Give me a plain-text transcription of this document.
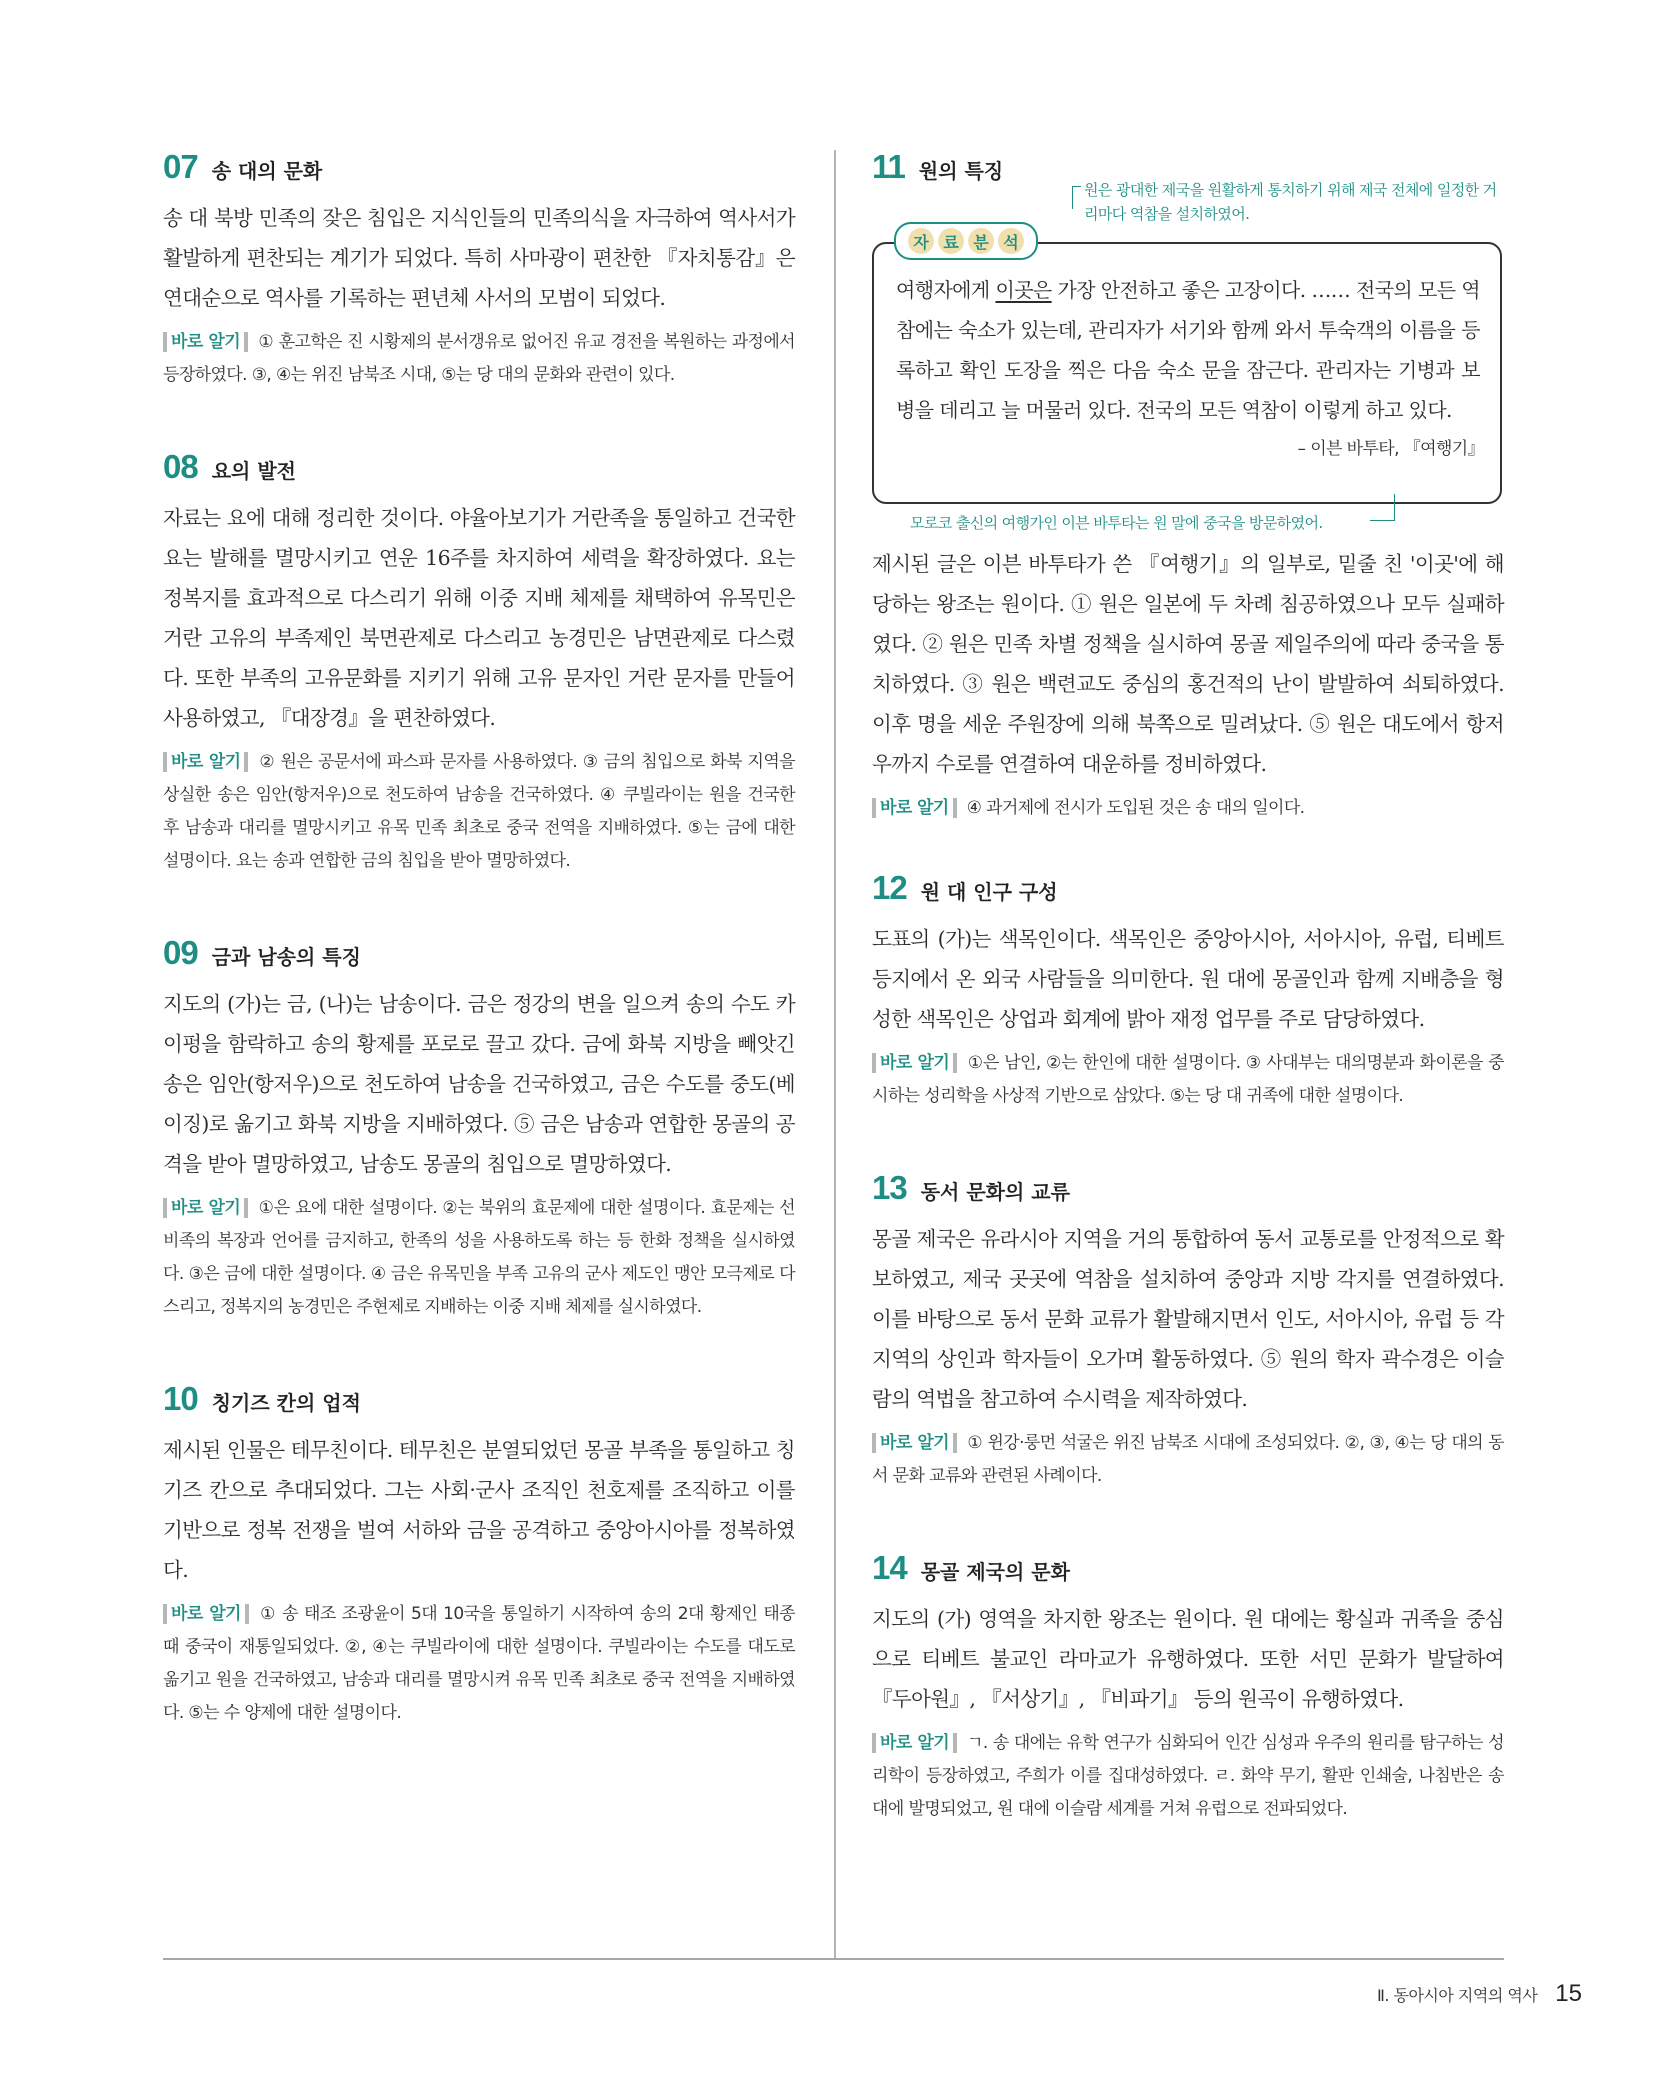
07 송 대의 문화

송 대 북방 민족의 잦은 침입은 지식인들의 민족의식을 자극하여 역사서가 활발하게 편찬되는 계기가 되었다. 특히 사마광이 편찬한 『자치통감』은 연대순으로 역사를 기록하는 편년체 사서의 모범이 되었다.

바로 알기 ① 훈고학은 진 시황제의 분서갱유로 없어진 유교 경전을 복원하는 과정에서 등장하였다. ③, ④는 위진 남북조 시대, ⑤는 당 대의 문화와 관련이 있다.

08 요의 발전

자료는 요에 대해 정리한 것이다. 야율아보기가 거란족을 통일하고 건국한 요는 발해를 멸망시키고 연운 16주를 차지하여 세력을 확장하였다. 요는 정복지를 효과적으로 다스리기 위해 이중 지배 체제를 채택하여 유목민은 거란 고유의 부족제인 북면관제로 다스리고 농경민은 남면관제로 다스렸다. 또한 부족의 고유문화를 지키기 위해 고유 문자인 거란 문자를 만들어 사용하였고, 『대장경』을 편찬하였다.

바로 알기 ② 원은 공문서에 파스파 문자를 사용하였다. ③ 금의 침입으로 화북 지역을 상실한 송은 임안(항저우)으로 천도하여 남송을 건국하였다. ④ 쿠빌라이는 원을 건국한 후 남송과 대리를 멸망시키고 유목 민족 최초로 중국 전역을 지배하였다. ⑤는 금에 대한 설명이다. 요는 송과 연합한 금의 침입을 받아 멸망하였다.

09 금과 남송의 특징

지도의 (가)는 금, (나)는 남송이다. 금은 정강의 변을 일으켜 송의 수도 카이펑을 함락하고 송의 황제를 포로로 끌고 갔다. 금에 화북 지방을 빼앗긴 송은 임안(항저우)으로 천도하여 남송을 건국하였고, 금은 수도를 중도(베이징)로 옮기고 화북 지방을 지배하였다. ⑤ 금은 남송과 연합한 몽골의 공격을 받아 멸망하였고, 남송도 몽골의 침입으로 멸망하였다.

바로 알기 ①은 요에 대한 설명이다. ②는 북위의 효문제에 대한 설명이다. 효문제는 선비족의 복장과 언어를 금지하고, 한족의 성을 사용하도록 하는 등 한화 정책을 실시하였다. ③은 금에 대한 설명이다. ④ 금은 유목민을 부족 고유의 군사 제도인 맹안 모극제로 다스리고, 정복지의 농경민은 주현제로 지배하는 이중 지배 체제를 실시하였다.

10 칭기즈 칸의 업적

제시된 인물은 테무친이다. 테무친은 분열되었던 몽골 부족을 통일하고 칭기즈 칸으로 추대되었다. 그는 사회·군사 조직인 천호제를 조직하고 이를 기반으로 정복 전쟁을 벌여 서하와 금을 공격하고 중앙아시아를 정복하였다.

바로 알기 ① 송 태조 조광윤이 5대 10국을 통일하기 시작하여 송의 2대 황제인 태종 때 중국이 재통일되었다. ②, ④는 쿠빌라이에 대한 설명이다. 쿠빌라이는 수도를 대도로 옮기고 원을 건국하였고, 남송과 대리를 멸망시켜 유목 민족 최초로 중국 전역을 지배하였다. ⑤는 수 양제에 대한 설명이다.

11 원의 특징
원은 광대한 제국을 원활하게 통치하기 위해 제국 전체에 일정한 거리마다 역참을 설치하였어.
자 료 분 석

여행자에게 이곳은 가장 안전하고 좋은 고장이다. …… 전국의 모든 역참에는 숙소가 있는데, 관리자가 서기와 함께 와서 투숙객의 이름을 등록하고 확인 도장을 찍은 다음 숙소 문을 잠근다. 관리자는 기병과 보병을 데리고 늘 머물러 있다. 전국의 모든 역참이 이렇게 하고 있다.

– 이븐 바투타, 『여행기』
모로코 출신의 여행가인 이븐 바투타는 원 말에 중국을 방문하였어.

제시된 글은 이븐 바투타가 쓴 『여행기』의 일부로, 밑줄 친 '이곳'에 해당하는 왕조는 원이다. ① 원은 일본에 두 차례 침공하였으나 모두 실패하였다. ② 원은 민족 차별 정책을 실시하여 몽골 제일주의에 따라 중국을 통치하였다. ③ 원은 백련교도 중심의 홍건적의 난이 발발하여 쇠퇴하였다. 이후 명을 세운 주원장에 의해 북쪽으로 밀려났다. ⑤ 원은 대도에서 항저우까지 수로를 연결하여 대운하를 정비하였다.

바로 알기 ④ 과거제에 전시가 도입된 것은 송 대의 일이다.

12 원 대 인구 구성

도표의 (가)는 색목인이다. 색목인은 중앙아시아, 서아시아, 유럽, 티베트 등지에서 온 외국 사람들을 의미한다. 원 대에 몽골인과 함께 지배층을 형성한 색목인은 상업과 회계에 밝아 재정 업무를 주로 담당하였다.

바로 알기 ①은 남인, ②는 한인에 대한 설명이다. ③ 사대부는 대의명분과 화이론을 중시하는 성리학을 사상적 기반으로 삼았다. ⑤는 당 대 귀족에 대한 설명이다.

13 동서 문화의 교류

몽골 제국은 유라시아 지역을 거의 통합하여 동서 교통로를 안정적으로 확보하였고, 제국 곳곳에 역참을 설치하여 중앙과 지방 각지를 연결하였다. 이를 바탕으로 동서 문화 교류가 활발해지면서 인도, 서아시아, 유럽 등 각 지역의 상인과 학자들이 오가며 활동하였다. ⑤ 원의 학자 곽수경은 이슬람의 역법을 참고하여 수시력을 제작하였다.

바로 알기 ① 윈강·룽먼 석굴은 위진 남북조 시대에 조성되었다. ②, ③, ④는 당 대의 동서 문화 교류와 관련된 사례이다.

14 몽골 제국의 문화

지도의 (가) 영역을 차지한 왕조는 원이다. 원 대에는 황실과 귀족을 중심으로 티베트 불교인 라마교가 유행하였다. 또한 서민 문화가 발달하여 『두아원』, 『서상기』, 『비파기』 등의 원곡이 유행하였다.

바로 알기 ㄱ. 송 대에는 유학 연구가 심화되어 인간 심성과 우주의 원리를 탐구하는 성리학이 등장하였고, 주희가 이를 집대성하였다. ㄹ. 화약 무기, 활판 인쇄술, 나침반은 송 대에 발명되었고, 원 대에 이슬람 세계를 거쳐 유럽으로 전파되었다.

Ⅱ. 동아시아 지역의 역사 15
